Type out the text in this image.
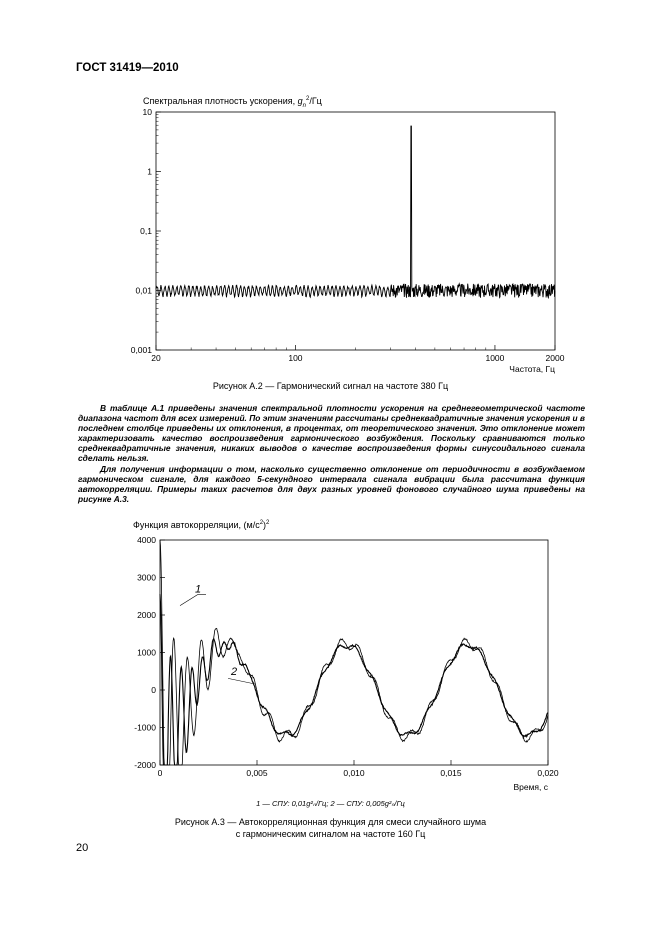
ГОСТ 31419—2010
Спектральная плотность ускорения, $g_n^2/Гц$
10
1
0,1
0,01
0,001
20	100	1000	2000
Частота, Гц
Рисунок А.2 — Гармонический сигнал на частоте 380 Гц

В таблице А.1 приведены значения спектральной плотности ускорения на среднегеометрической частоте диапазона частот для всех измерений. По этим значениям рассчитаны среднеквадратичные значения ускорения и в последнем столбце приведены их отклонения, в процентах, от теоретического значения. Это отклонение может характеризовать качество воспроизведения гармонического возбуждения. Поскольку сравниваются только среднеквадратичные значения, никаких выводов о качестве воспроизведения формы синусоидального сигнала сделать нельзя.

Для получения информации о том, насколько существенно отклонение от периодичности в возбуждаемом гармоническом сигнале, для каждого 5-секундного интервала сигнала вибрации была рассчитана функция автокорреляции. Примеры таких расчетов для двух разных уровней фонового случайного шума приведены на рисунке А.3.

Функция автокорреляции, $(м/с^2)^2$
4000
3000
2000
1000
0
-1000
-2000
0	0,005	0,010	0,015	0,020
Время, с
1
2
1 — СПУ: 0,01g²ₙ/Гц; 2 — СПУ: 0,005g²ₙ/Гц
Рисунок А.3 — Автокорреляционная функция для смеси случайного шума
с гармоническим сигналом на частоте 160 Гц
20
